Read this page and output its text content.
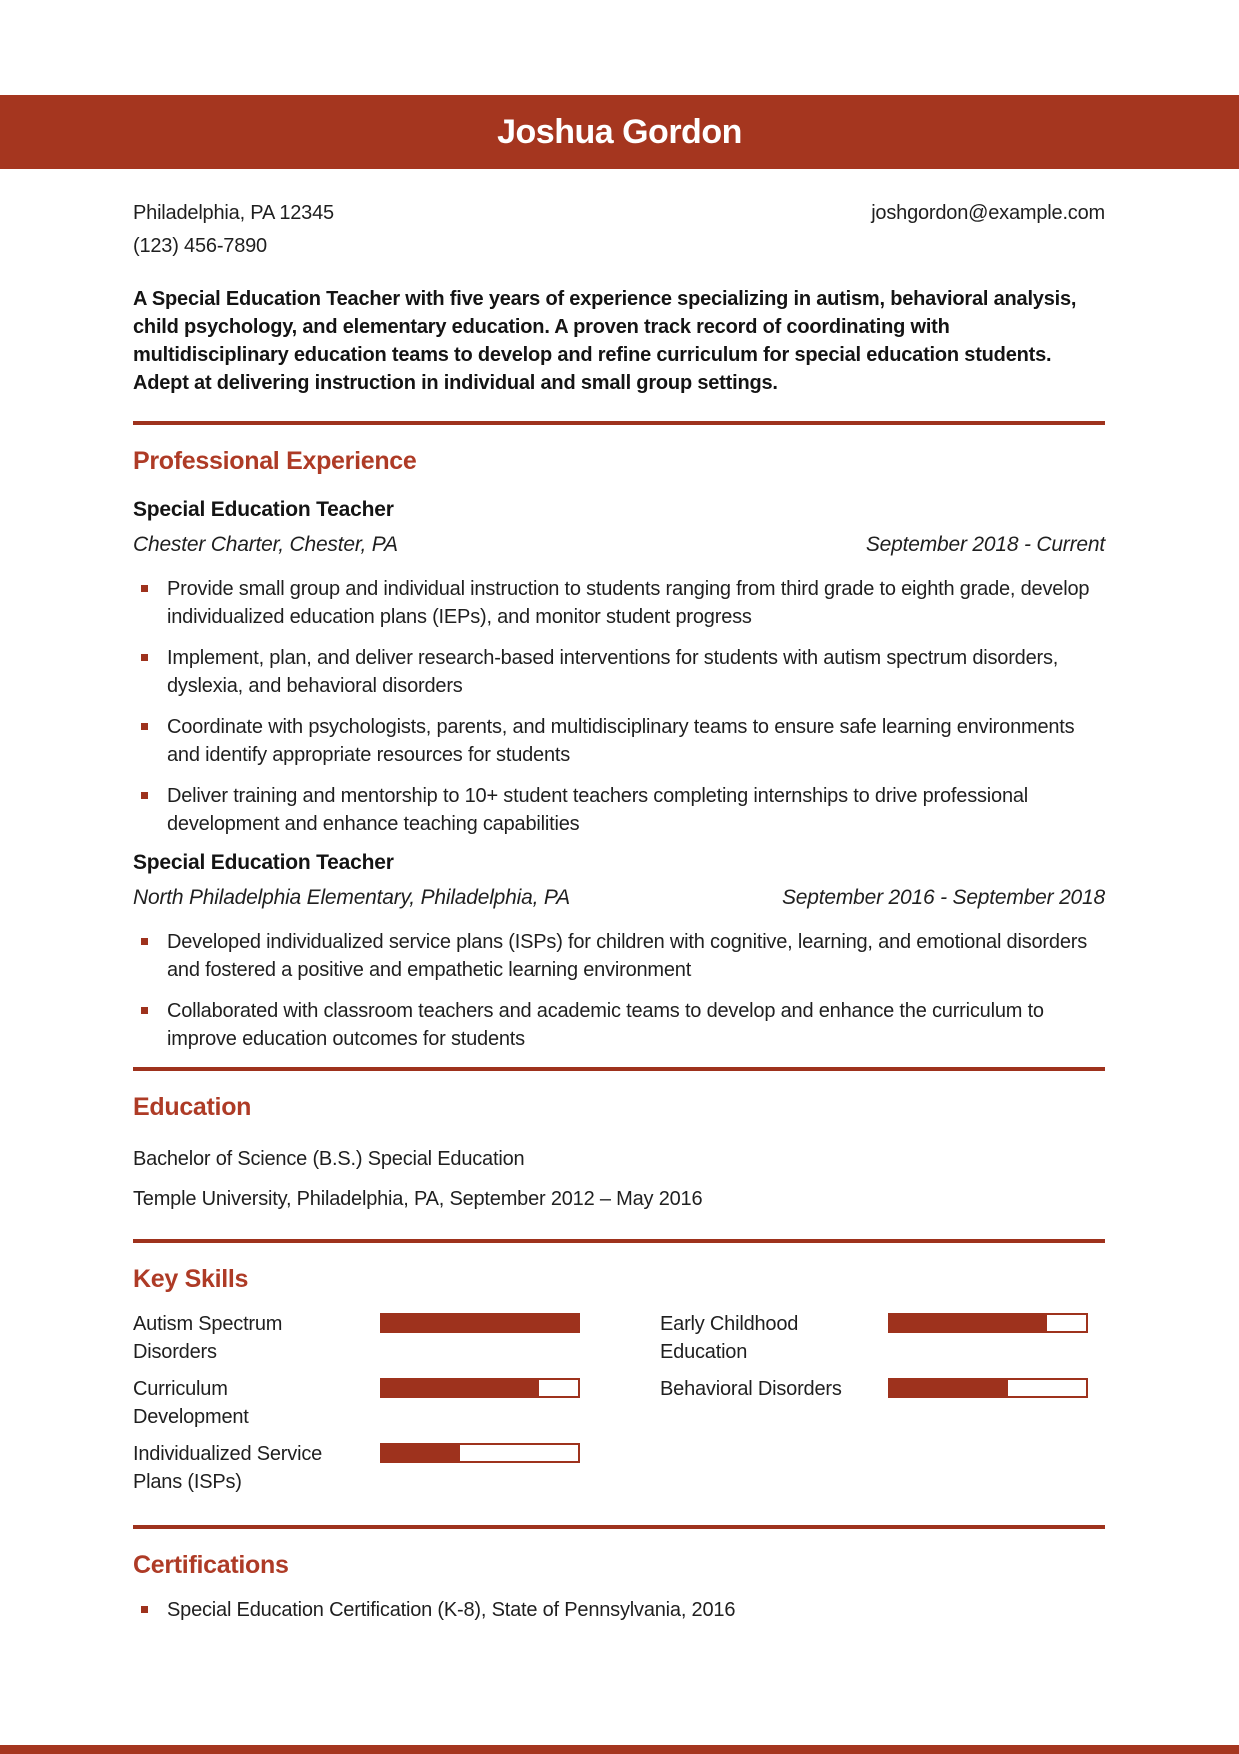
Joshua Gordon
Philadelphia, PA 12345
(123) 456-7890
joshgordon@example.com

A Special Education Teacher with five years of experience specializing in autism, behavioral analysis, child psychology, and elementary education. A proven track record of coordinating with multidisciplinary education teams to develop and refine curriculum for special education students. Adept at delivering instruction in individual and small group settings.

Professional Experience
Special Education Teacher
Chester Charter, Chester, PA	September 2018 - Current
Provide small group and individual instruction to students ranging from third grade to eighth grade, develop individualized education plans (IEPs), and monitor student progress
Implement, plan, and deliver research-based interventions for students with autism spectrum disorders, dyslexia, and behavioral disorders
Coordinate with psychologists, parents, and multidisciplinary teams to ensure safe learning environments and identify appropriate resources for students
Deliver training and mentorship to 10+ student teachers completing internships to drive professional development and enhance teaching capabilities
Special Education Teacher
North Philadelphia Elementary, Philadelphia, PA	September 2016 - September 2018
Developed individualized service plans (ISPs) for children with cognitive, learning, and emotional disorders and fostered a positive and empathetic learning environment
Collaborated with classroom teachers and academic teams to develop and enhance the curriculum to improve education outcomes for students
Education
Bachelor of Science (B.S.) Special Education
Temple University, Philadelphia, PA, September 2012 – May 2016
Key Skills
Autism Spectrum Disorders
Curriculum Development
Individualized Service Plans (ISPs)
Early Childhood Education
Behavioral Disorders
Certifications
Special Education Certification (K-8), State of Pennsylvania, 2016
